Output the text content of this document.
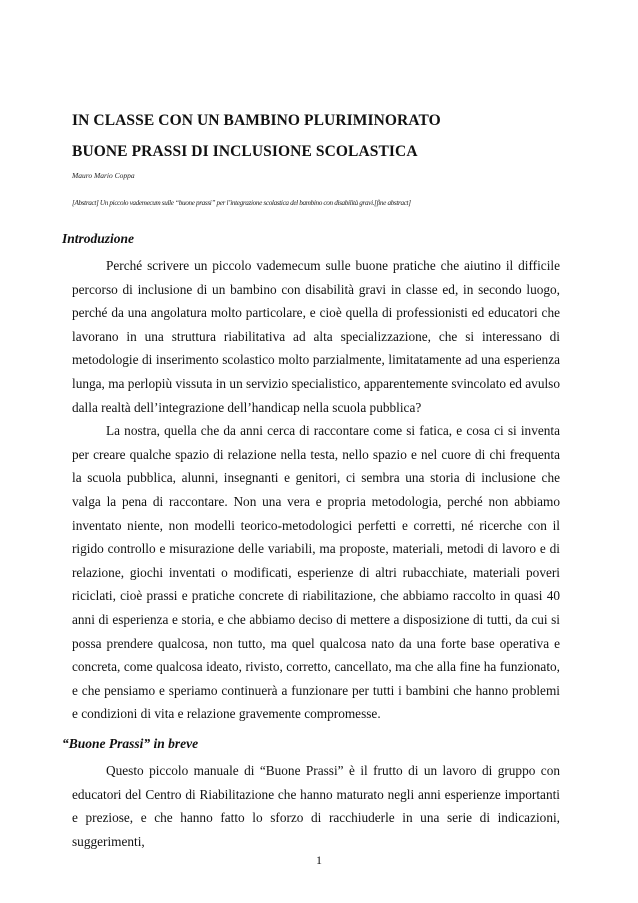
IN CLASSE CON UN BAMBINO PLURIMINORATO
BUONE PRASSI DI INCLUSIONE SCOLASTICA
Mauro Mario Coppa
[Abstract] Un piccolo vademecum sulle “buone prassi” per l’integrazione scolastica del bambino con disabilità gravi.[fine abstract]
Introduzione

Perché scrivere un piccolo vademecum sulle buone pratiche che aiutino il difficile percorso di inclusione di un bambino con disabilità gravi in classe ed, in secondo luogo, perché da una angolatura molto particolare, e cioè quella di professionisti ed educatori che lavorano in una struttura riabilitativa ad alta specializzazione, che si interessano di metodologie di inserimento scolastico molto parzialmente, limitatamente ad una esperienza lunga, ma perlopiù vissuta in un servizio specialistico, apparentemente svincolato ed avulso dalla realtà dell’integrazione dell’handicap nella scuola pubblica?

La nostra, quella che da anni cerca di raccontare come si fatica, e cosa ci si inventa per creare qualche spazio di relazione nella testa, nello spazio e nel cuore di chi frequenta la scuola pubblica, alunni, insegnanti e genitori, ci sembra una storia di inclusione che valga la pena di raccontare. Non una vera e propria metodologia, perché non abbiamo inventato niente, non modelli teorico-metodologici perfetti e corretti, né ricerche con il rigido controllo e misurazione delle variabili, ma proposte, materiali, metodi di lavoro e di relazione, giochi inventati o modificati, esperienze di altri rubacchiate, materiali poveri riciclati, cioè prassi e pratiche concrete di riabilitazione, che abbiamo raccolto in quasi 40 anni di esperienza e storia, e che abbiamo deciso di mettere a disposizione di tutti, da cui si possa prendere qualcosa, non tutto, ma quel qualcosa nato da una forte base operativa e concreta, come qualcosa ideato, rivisto, corretto, cancellato, ma che alla fine ha funzionato, e che pensiamo e speriamo continuerà a funzionare per tutti i bambini che hanno problemi e condizioni di vita e relazione gravemente compromesse.

“Buone Prassi” in breve

Questo piccolo manuale di “Buone Prassi” è il frutto di un lavoro di gruppo con educatori del Centro di Riabilitazione che hanno maturato negli anni esperienze importanti e preziose, e che hanno fatto lo sforzo di racchiuderle in una serie di indicazioni, suggerimenti,

1
